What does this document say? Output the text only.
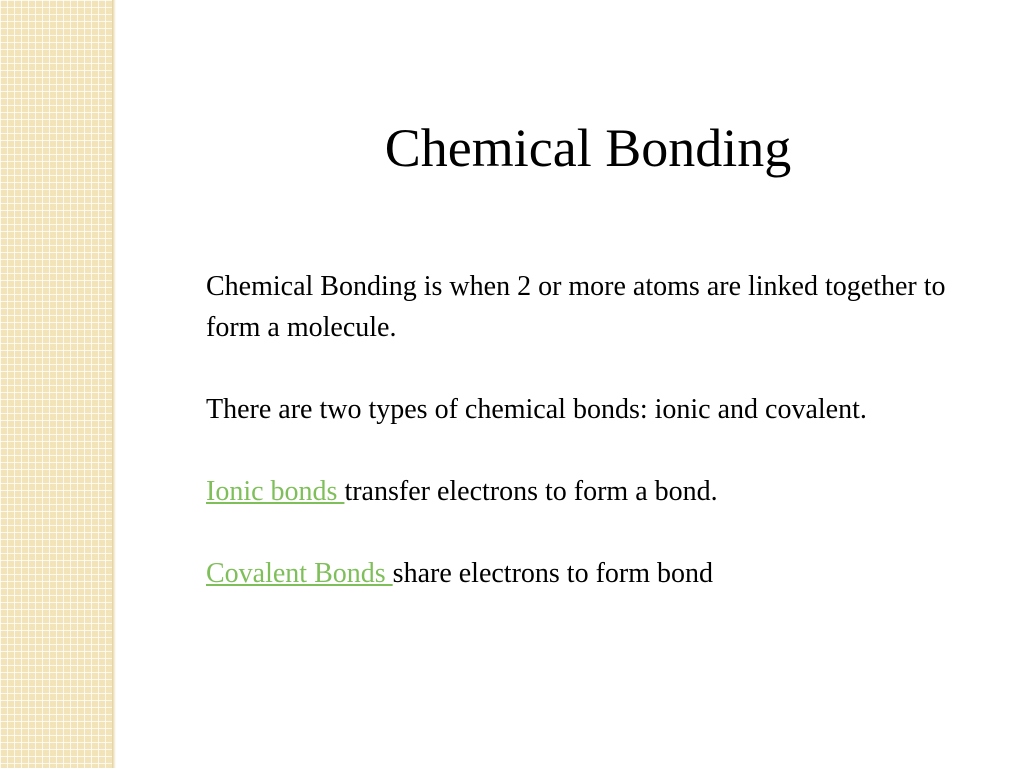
Chemical Bonding

Chemical Bonding is when 2 or more atoms are linked together to form a molecule.

There are two types of chemical bonds: ionic and covalent.

Ionic bonds transfer electrons to form a bond.

Covalent Bonds share electrons to form bond
